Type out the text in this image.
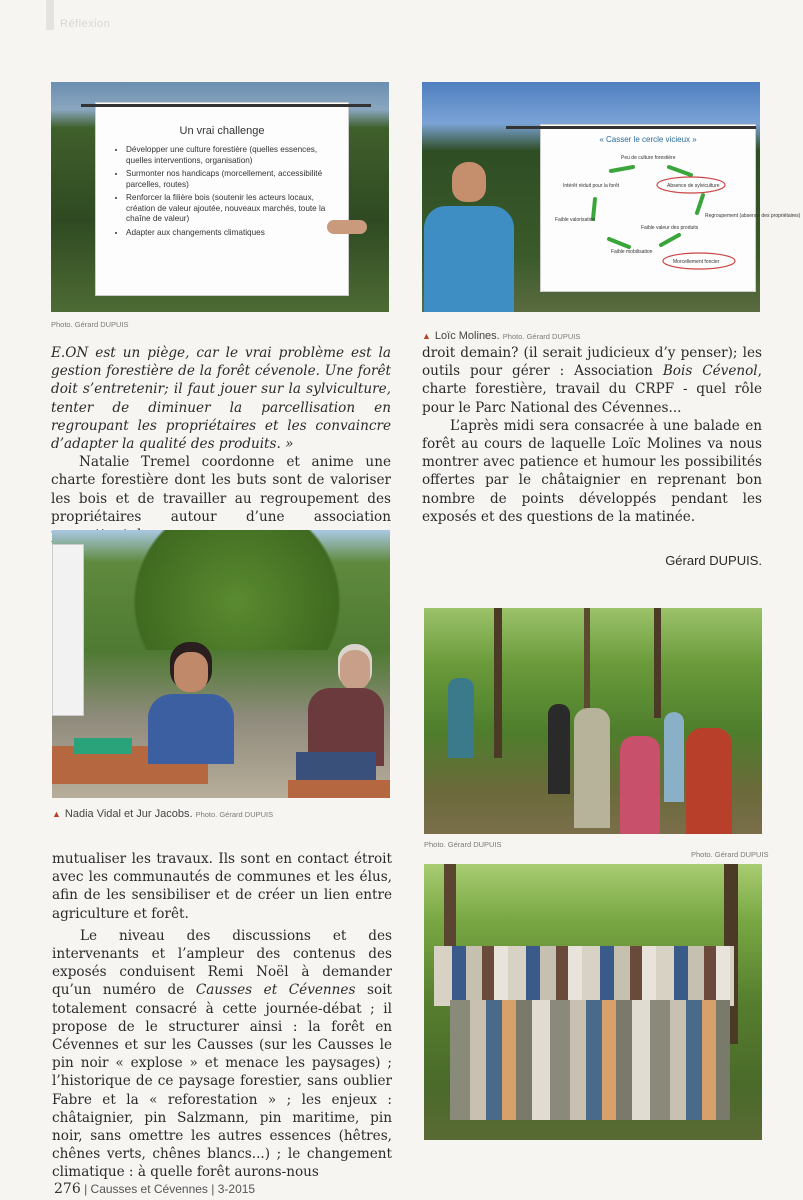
Réflexion
Un vrai challenge
• Développer une culture forestière (quelles essences, quelles interventions, organisation)
• Surmonter nos handicaps (morcellement, accessibilité parcelles, routes)
• Renforcer la filière bois (soutenir les acteurs locaux, création de valeur ajoutée, nouveaux marchés, toute la chaîne de valeur)
• Adapter aux changements climatiques
Photo. Gérard DUPUIS
« Casser le cercle vicieux »
Peu de culture forestière
Absence de sylviculture
Regroupement (absence des propriétaires)
Faible valeur des produits
Morcellement foncier
Faible mobilisation
Faible valorisation
Intérêt réduit pour la forêt
▲ Loïc Molines. Photo. Gérard DUPUIS

E.ON est un piège, car le vrai problème est la gestion forestière de la forêt cévenole. Une forêt doit s’entretenir; il faut jouer sur la sylviculture, tenter de diminuer la parcellisation en regroupant les propriétaires et les convaincre d’adapter la qualité des produits. »

Natalie Tremel coordonne et anime une charte forestière dont les buts sont de valoriser les bois et de travailler au regroupement des propriétaires autour d’une association

droit demain? (il serait judicieux d’y penser); les outils pour gérer : Association Bois Cévenol, charte forestière, travail du CRPF - quel rôle pour le Parc National des Cévennes...

L’après midi sera consacrée à une balade en forêt au cours de laquelle Loïc Molines va nous montrer avec patience et humour les possibilités offertes par le châtaignier en reprenant bon nombre de points développés pendant les exposés et des questions de la matinée.

Gérard DUPUIS.
▲ Nadia Vidal et Jur Jacobs. Photo. Gérard DUPUIS
Photo. Gérard DUPUIS
Photo. Gérard DUPUIS

mutualiser les travaux. Ils sont en contact étroit avec les communautés de communes et les élus, afin de les sensibiliser et de créer un lien entre agriculture et forêt.

Le niveau des discussions et des intervenants et l’ampleur des contenus des exposés conduisent Remi Noël à demander qu’un numéro de Causses et Cévennes soit totalement consacré à cette journée-débat ; il propose de le structurer ainsi : la forêt en Cévennes et sur les Causses (sur les Causses le pin noir « explose » et menace les paysages) ; l’historique de ce paysage forestier, sans oublier Fabre et la « reforestation » ; les enjeux : châtaignier, pin Salzmann, pin maritime, pin noir, sans omettre les autres essences (hêtres, chênes verts, chênes blancs...) ; le changement climatique : à quelle forêt aurons-nous

276 | Causses et Cévennes | 3-2015
